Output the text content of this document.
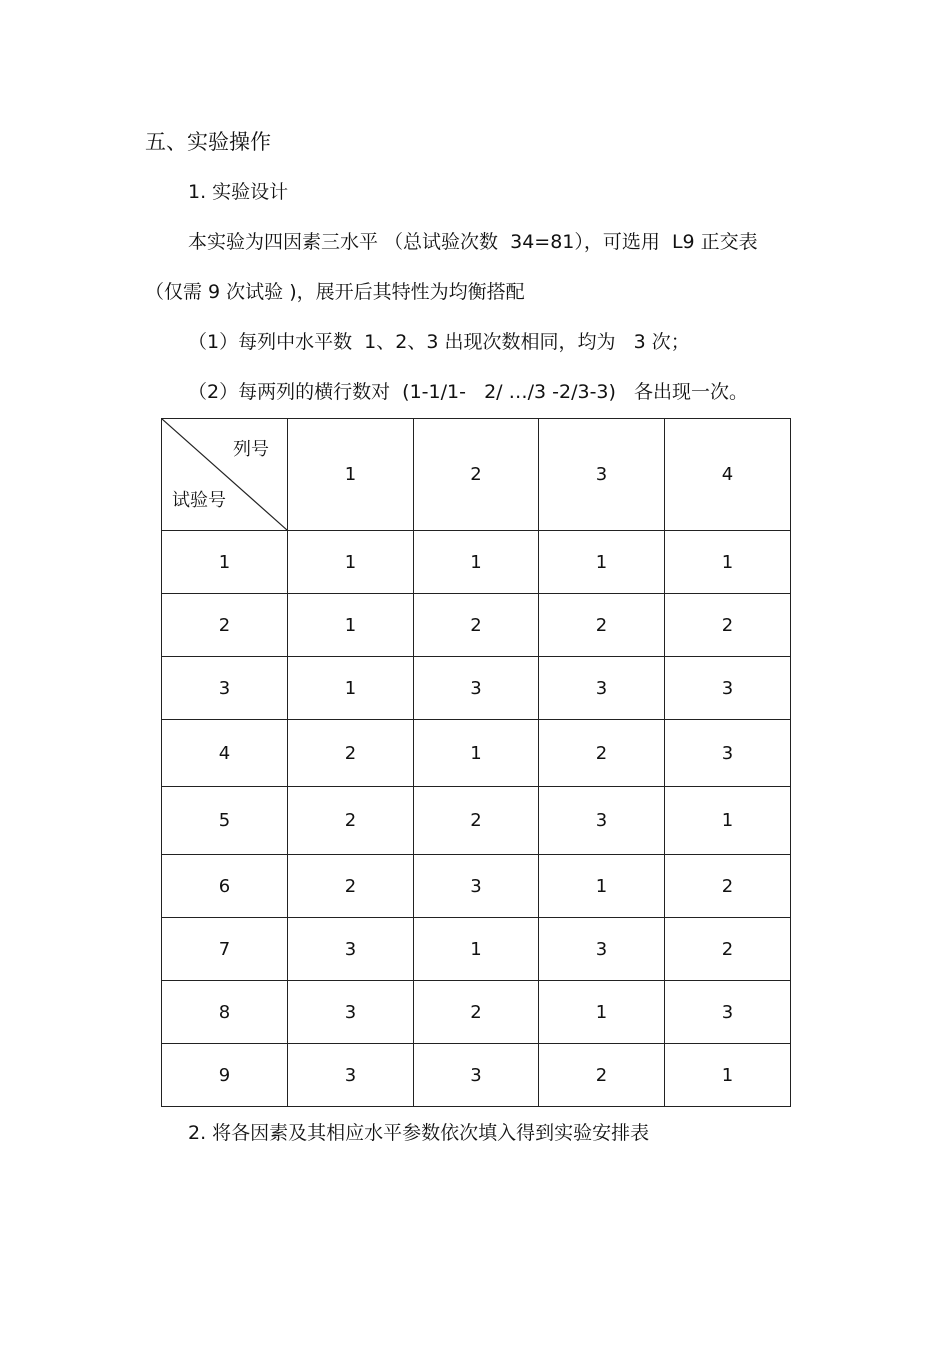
五、实验操作
1. 实验设计
本实验为四因素三水平 （总试验次数  34=81），可选用  L9 正交表
（仅需 9 次试验 )，展开后其特性为均衡搭配
（1）每列中水平数  1、2、3 出现次数相同，均为   3 次；
（2）每两列的横行数对  (1-1/1-   2/ …/3 -2/3-3)   各出现一次。
列号
试验号	1	2	3	4
1	1	1	1	1
2	1	2	2	2
3	1	3	3	3
4	2	1	2	3
5	2	2	3	1
6	2	3	1	2
7	3	1	3	2
8	3	2	1	3
9	3	3	2	1
2. 将各因素及其相应水平参数依次填入得到实验安排表
